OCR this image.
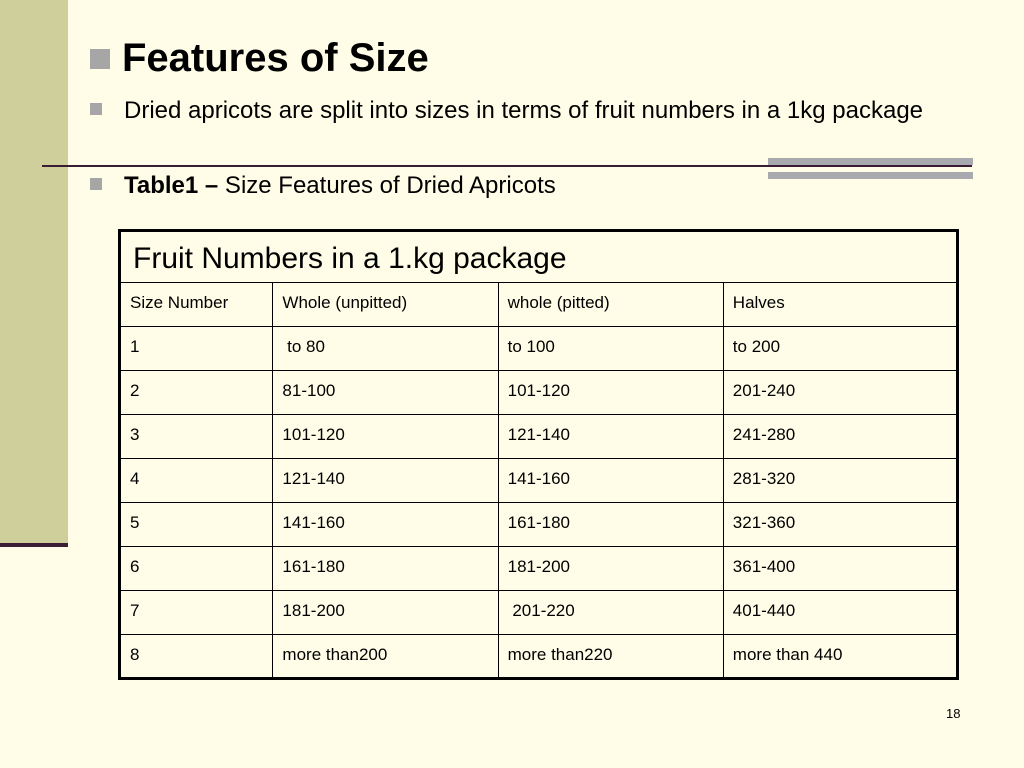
Features of Size
Dried apricots are split into sizes in terms of fruit numbers in a 1kg package
Table1 – Size Features of Dried Apricots
Fruit Numbers in a 1.kg package			
Size Number	Whole (unpitted)	whole (pitted)	Halves
1	to 80	to 100	to 200
2	81-100	101-120	201-240
3	101-120	121-140	241-280
4	121-140	141-160	281-320
5	141-160	161-180	321-360
6	161-180	181-200	361-400
7	181-200	201-220	401-440
8	more than200	more than220	more than 440
18
